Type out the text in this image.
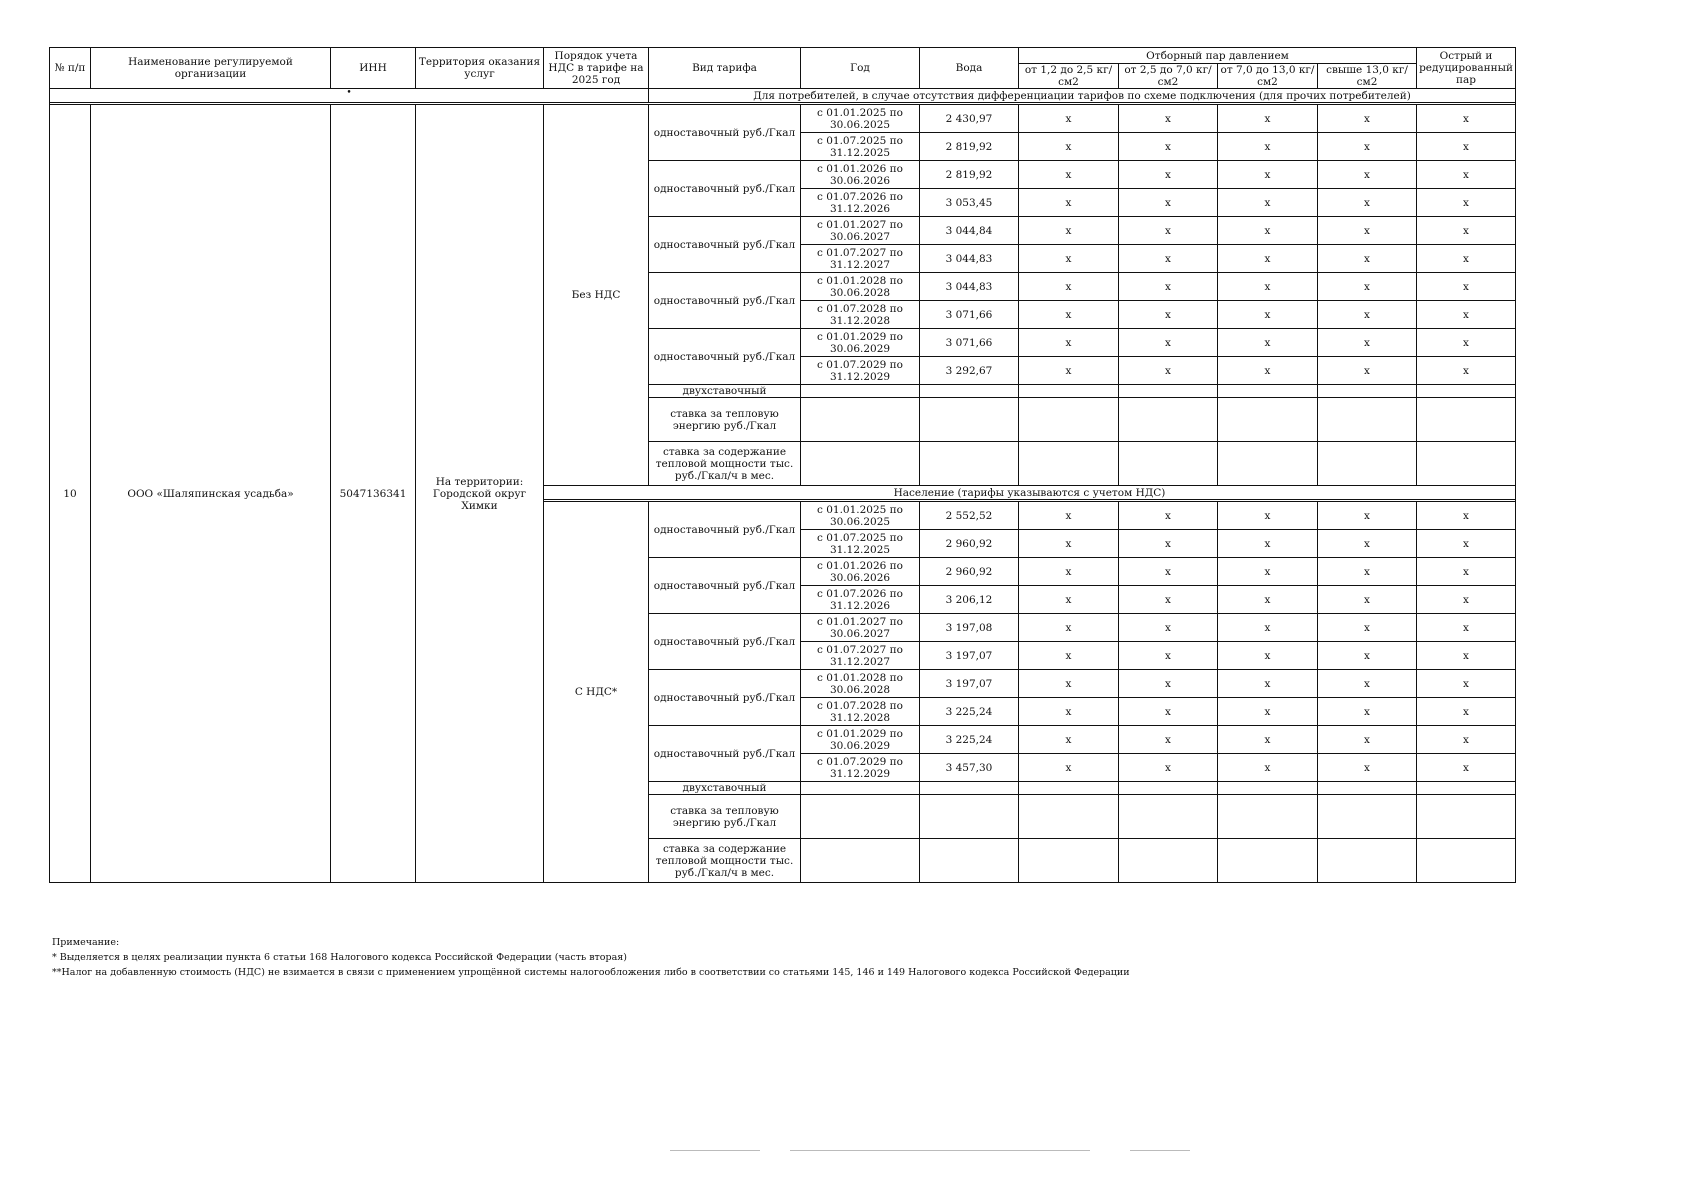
№ п/п	Наименование регулируемой организации	ИНН	Территория оказания услуг	Порядок учета НДС в тарифе на 2025 год	Вид тарифа	Год	Вода	Отборный пар давлением				Острый и редуцированный пар
								от 1,2 до 2,5 кг/см2	от 2,5 до 7,0 кг/см2	от 7,0 до 13,0 кг/см2	свыше 13,0 кг/см2	
•					Для потребителей, в случае отсутствия дифференциации тарифов по схеме подключения (для прочих потребителей)							

10	ООО «Шаляпинская усадьба»	5047136341	На территории: Городской округ Химки	Без НДС	одноставочный руб./Гкал	с 01.01.2025 по 30.06.2025	2 430,97	x	x	x	x	x
						с 01.07.2025 по 31.12.2025	2 819,92	x	x	x	x	x
					одноставочный руб./Гкал	с 01.01.2026 по 30.06.2026	2 819,92	x	x	x	x	x
						с 01.07.2026 по 31.12.2026	3 053,45	x	x	x	x	x
					одноставочный руб./Гкал	с 01.01.2027 по 30.06.2027	3 044,84	x	x	x	x	x
						с 01.07.2027 по 31.12.2027	3 044,83	x	x	x	x	x
					одноставочный руб./Гкал	с 01.01.2028 по 30.06.2028	3 044,83	x	x	x	x	x
						с 01.07.2028 по 31.12.2028	3 071,66	x	x	x	x	x
					одноставочный руб./Гкал	с 01.01.2029 по 30.06.2029	3 071,66	x	x	x	x	x
						с 01.07.2029 по 31.12.2029	3 292,67	x	x	x	x	x
					двухставочный							
					ставка за тепловую энергию руб./Гкал							
					ставка за содержание тепловой мощности тыс. руб./Гкал/ч в мес.							
				Население (тарифы указываются с учетом НДС)								

				С НДС*	одноставочный руб./Гкал	с 01.01.2025 по 30.06.2025	2 552,52	x	x	x	x	x
						с 01.07.2025 по 31.12.2025	2 960,92	x	x	x	x	x
					одноставочный руб./Гкал	с 01.01.2026 по 30.06.2026	2 960,92	x	x	x	x	x
						с 01.07.2026 по 31.12.2026	3 206,12	x	x	x	x	x
					одноставочный руб./Гкал	с 01.01.2027 по 30.06.2027	3 197,08	x	x	x	x	x
						с 01.07.2027 по 31.12.2027	3 197,07	x	x	x	x	x
					одноставочный руб./Гкал	с 01.01.2028 по 30.06.2028	3 197,07	x	x	x	x	x
						с 01.07.2028 по 31.12.2028	3 225,24	x	x	x	x	x
					одноставочный руб./Гкал	с 01.01.2029 по 30.06.2029	3 225,24	x	x	x	x	x
						с 01.07.2029 по 31.12.2029	3 457,30	x	x	x	x	x
					двухставочный							
					ставка за тепловую энергию руб./Гкал							
					ставка за содержание тепловой мощности тыс. руб./Гкал/ч в мес.							
Примечание:
* Выделяется в целях реализации пункта 6 статьи 168 Налогового кодекса Российской Федерации (часть вторая)
**Налог на добавленную стоимость (НДС) не взимается в связи с применением упрощённой системы налогообложения либо в соответствии со статьями 145, 146 и 149 Налогового кодекса Российской Федерации
